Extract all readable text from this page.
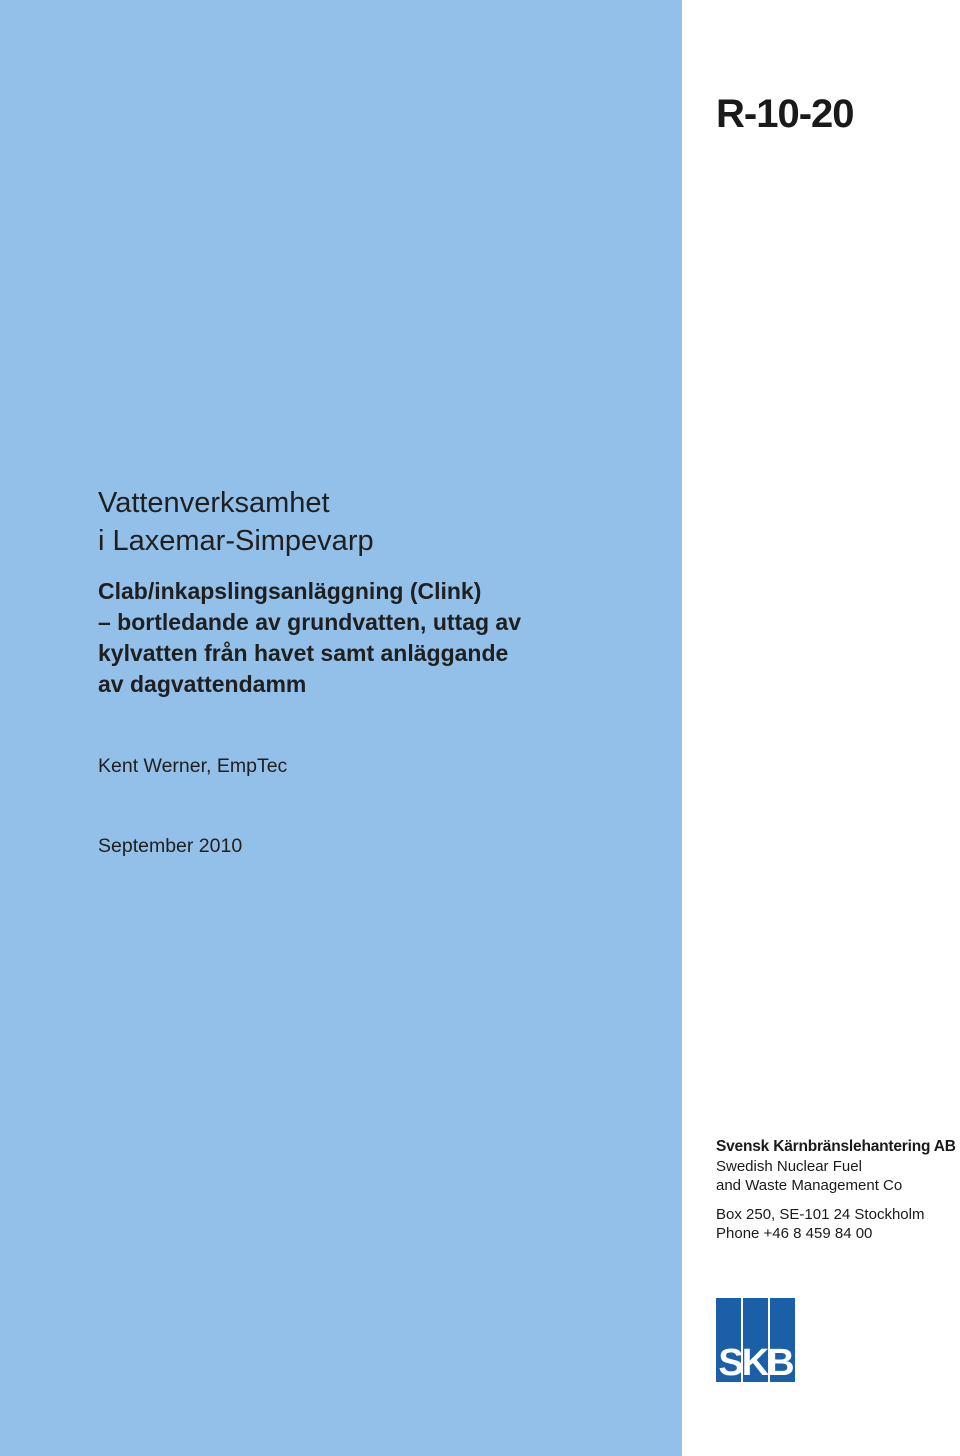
R-10-20
Vattenverksamhet
i Laxemar-Simpevarp
Clab/inkapslingsanläggning (Clink)
– bortledande av grundvatten, uttag av
kylvatten från havet samt anläggande
av dagvattendamm
Kent Werner, EmpTec
September 2010
Svensk Kärnbränslehantering AB
Swedish Nuclear Fuel
and Waste Management Co
Box 250, SE-101 24 Stockholm
Phone +46 8 459 84 00
SKB
